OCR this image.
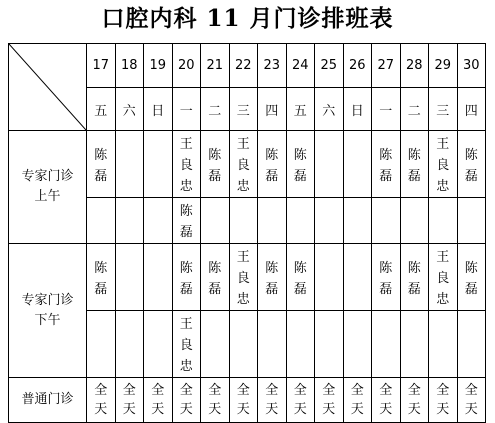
口腔内科 11 月门诊排班表
	17	18	19	20	21	22	23	24	25	26	27	28	29	30
	五	六	日	一	二	三	四	五	六	日	一	二	三	四

专家门诊
上午	陈磊			王良忠	陈磊	王良忠	陈磊	陈磊			陈磊	陈磊	王良忠	陈磊

				陈磊										

专家门诊
下午	陈磊			陈磊	陈磊	王良忠	陈磊	陈磊			陈磊	陈磊	王良忠	陈磊

				王良忠										

普通门诊	全天	全天	全天	全天	全天	全天	全天	全天	全天	全天	全天	全天	全天	全天
